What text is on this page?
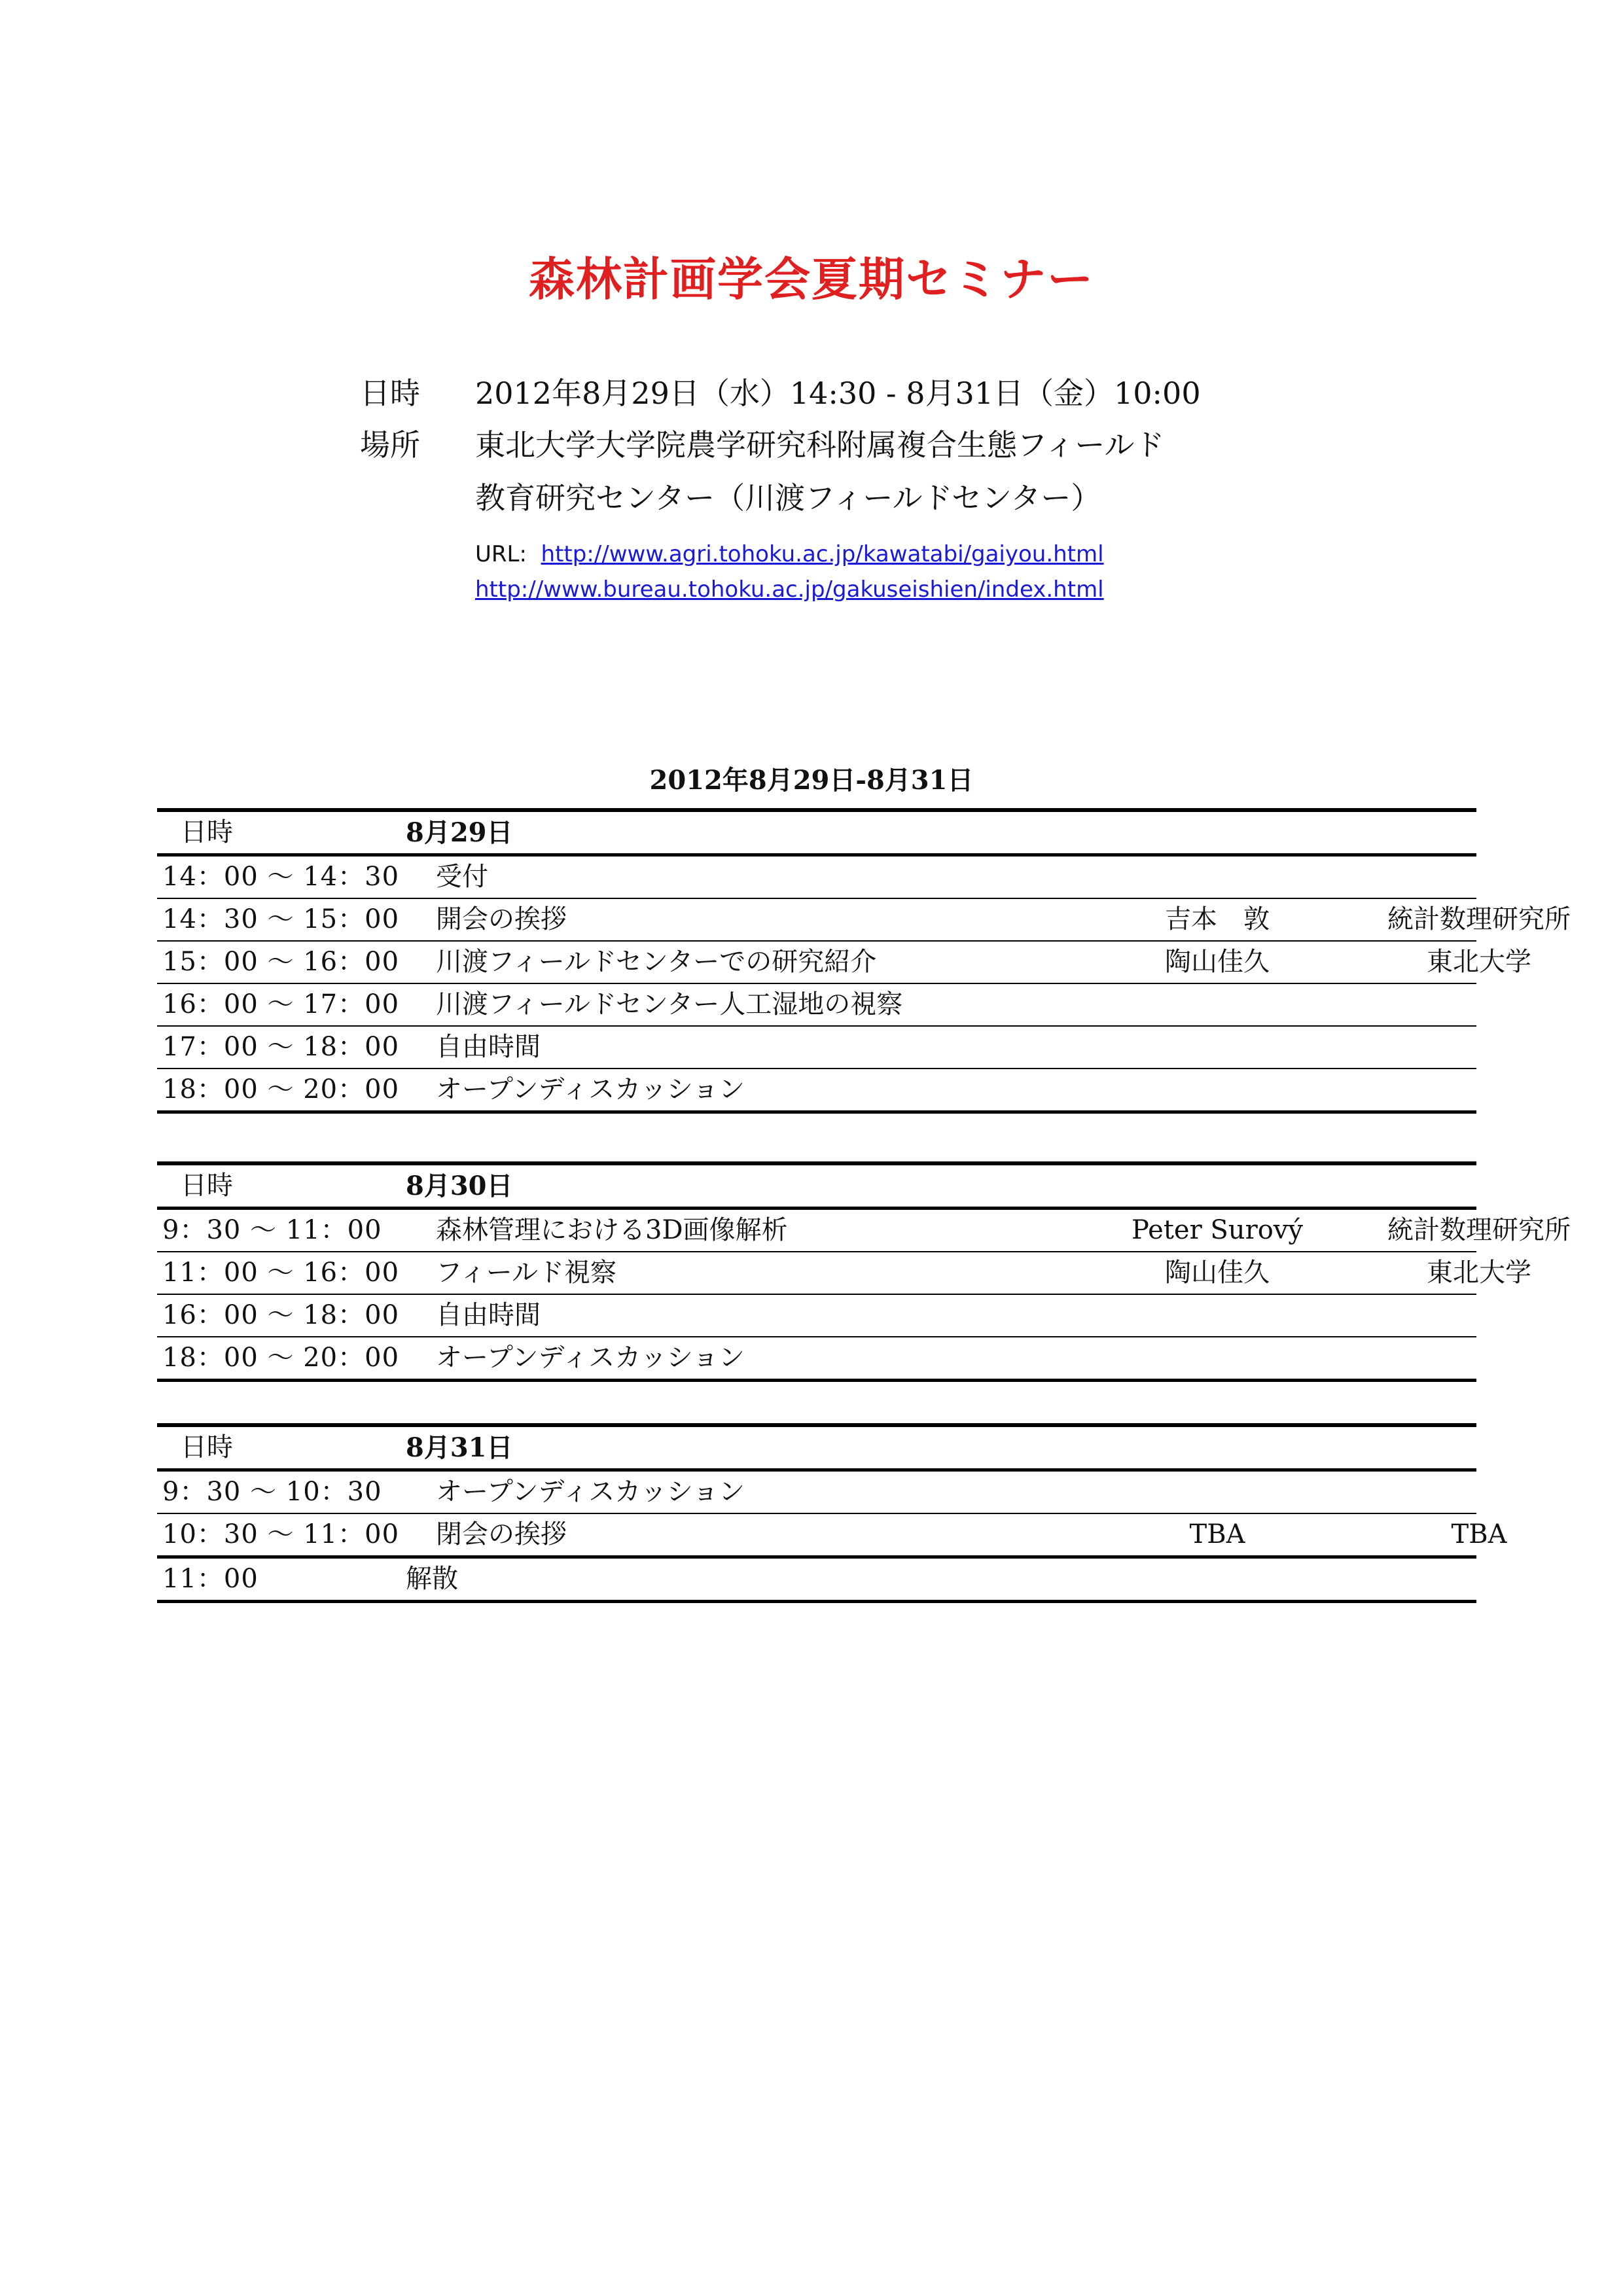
森林計画学会夏期セミナー
日時 2012年8月29日（水）14:30 - 8月31日（金）10:00
場所 東北大学大学院農学研究科附属複合生態フィールド
教育研究センター（川渡フィールドセンター）
URL: http://www.agri.tohoku.ac.jp/kawatabi/gaiyou.html
http://www.bureau.tohoku.ac.jp/gakuseishien/index.html
2012年8月29日-8月31日
日時	8月29日
14：00 〜 14：30 受付
14：30 〜 15：00 開会の挨拶	吉本　敦	統計数理研究所
15：00 〜 16：00 川渡フィールドセンターでの研究紹介	陶山佳久	東北大学
16：00 〜 17：00 川渡フィールドセンター人工湿地の視察
17：00 〜 18：00 自由時間
18：00 〜 20：00 オープンディスカッション
日時	8月30日
9：30 〜 11：00 森林管理における3D画像解析	Peter Surový	統計数理研究所
11：00 〜 16：00 フィールド視察	陶山佳久	東北大学
16：00 〜 18：00 自由時間
18：00 〜 20：00 オープンディスカッション
日時	8月31日
9：30 〜 10：30 オープンディスカッション
10：30 〜 11：00 閉会の挨拶	TBA	TBA
11：00	解散
